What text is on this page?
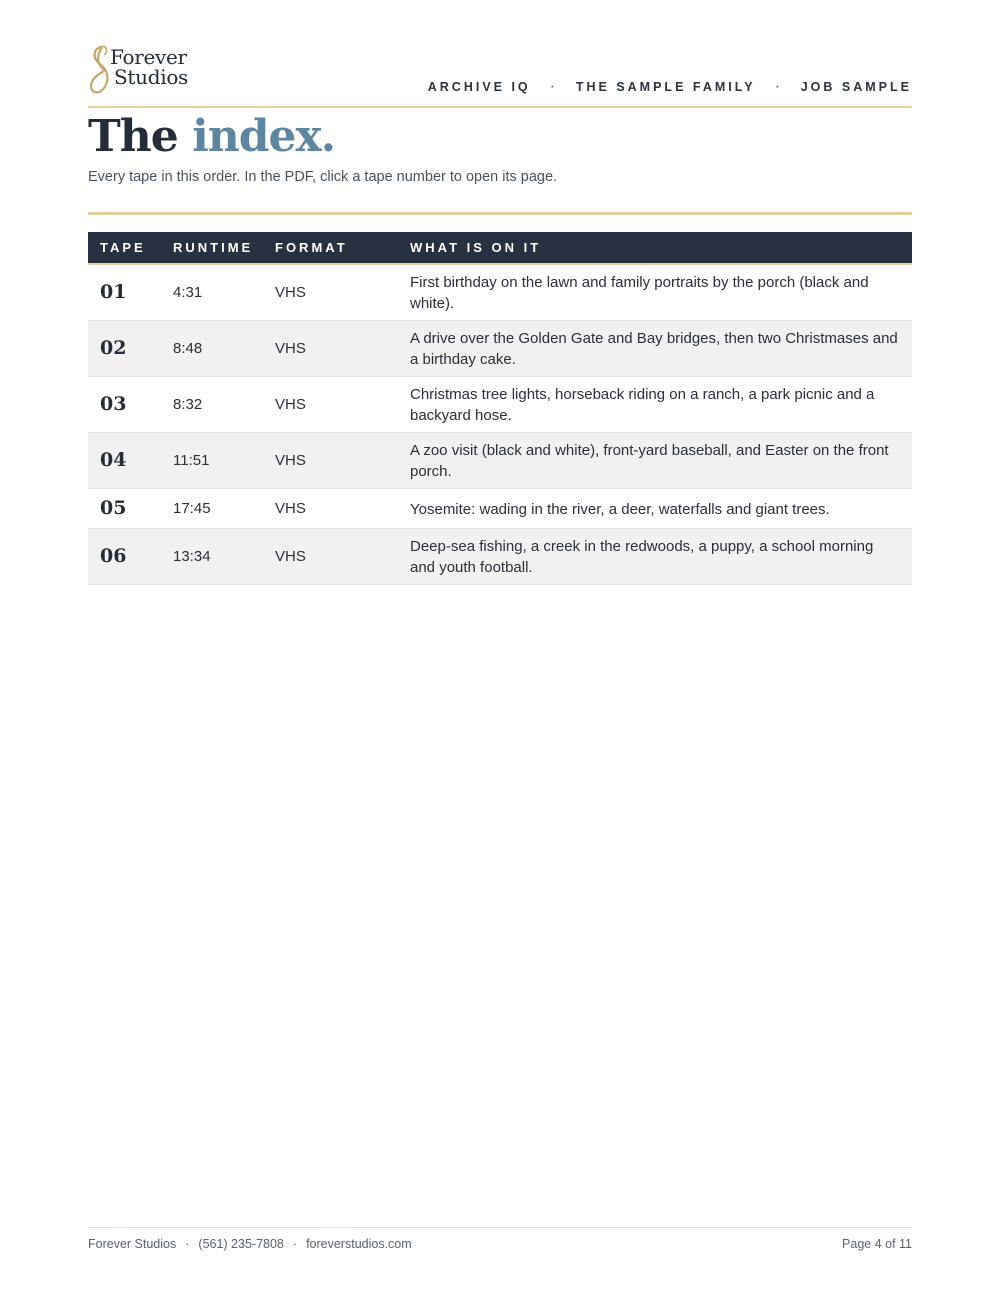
Forever
Studios	ARCHIVE IQ · THE SAMPLE FAMILY · JOB SAMPLE
The index.
Every tape in this order. In the PDF, click a tape number to open its page.
TAPE	RUNTIME	FORMAT	WHAT IS ON IT
01	4:31	VHS	First birthday on the lawn and family portraits by the porch (black and white).
02	8:48	VHS	A drive over the Golden Gate and Bay bridges, then two Christmases and a birthday cake.
03	8:32	VHS	Christmas tree lights, horseback riding on a ranch, a park picnic and a backyard hose.
04	11:51	VHS	A zoo visit (black and white), front-yard baseball, and Easter on the front porch.
05	17:45	VHS	Yosemite: wading in the river, a deer, waterfalls and giant trees.
06	13:34	VHS	Deep-sea fishing, a creek in the redwoods, a puppy, a school morning and youth football.
Forever Studios · (561) 235-7808 · foreverstudios.com	Page 4 of 11
